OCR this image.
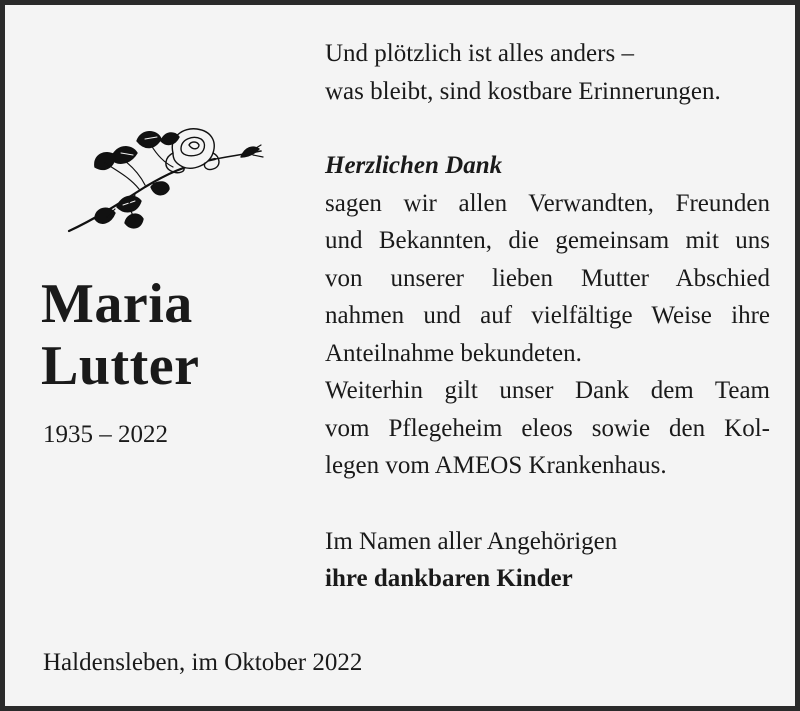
Maria
Lutter
1935 – 2022

Und plötzlich ist alles anders –

was bleibt, sind kostbare Erinnerungen.

Herzlichen Dank

sagen wir allen Verwandten, Freunden

und Bekannten, die gemeinsam mit uns

von unserer lieben Mutter Abschied

nahmen und auf vielfältige Weise ihre

Anteilnahme bekundeten.

Weiterhin gilt unser Dank dem Team

vom Pflegeheim eleos sowie den Kol-

legen vom AMEOS Krankenhaus.

Im Namen aller Angehörigen

ihre dankbaren Kinder

Haldensleben, im Oktober 2022
